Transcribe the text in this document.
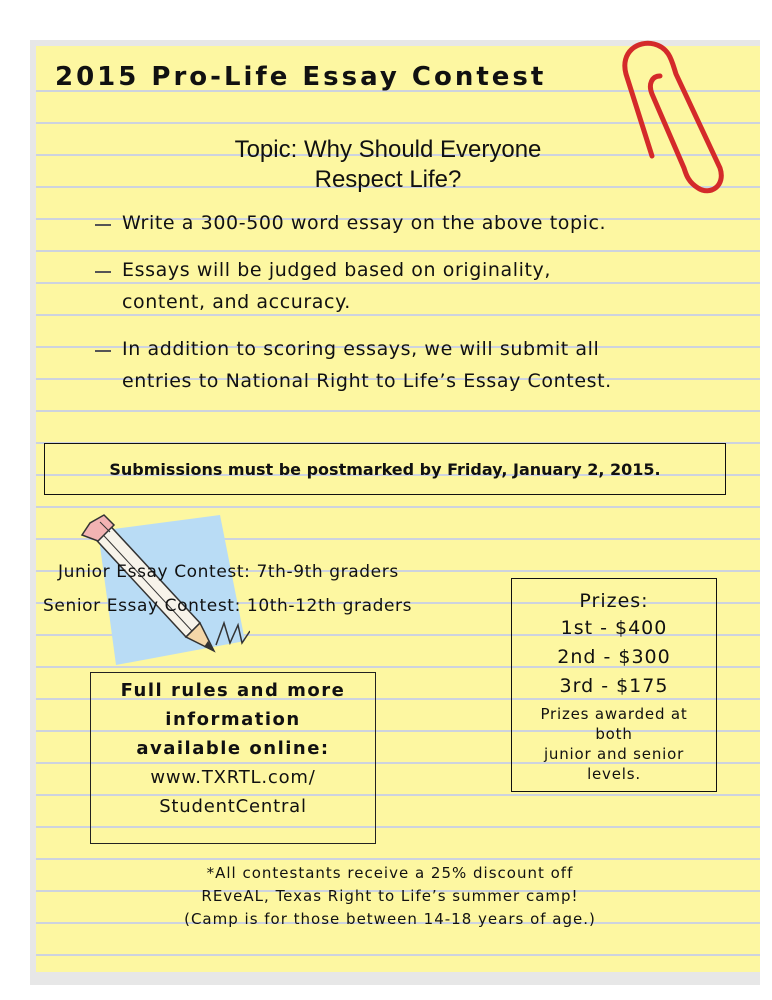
2015 Pro-Life Essay Contest
Topic: Why Should Everyone
Respect Life?
Write a 300-500 word essay on the above topic.
Essays will be judged based on originality,
content, and accuracy.
In addition to scoring essays, we will submit all
entries to National Right to Life’s Essay Contest.
Submissions must be postmarked by Friday, January 2, 2015.
Junior Essay Contest: 7th-9th graders
Senior Essay Contest: 10th-12th graders	Prizes:
1st - $400
2nd - $300
3rd - $175
Prizes awarded at
both
junior and senior
levels.
Full rules and more
information
available online:
www.TXRTL.com/
StudentCentral
*All contestants receive a 25% discount off
REveAL, Texas Right to Life’s summer camp!
(Camp is for those between 14-18 years of age.)
